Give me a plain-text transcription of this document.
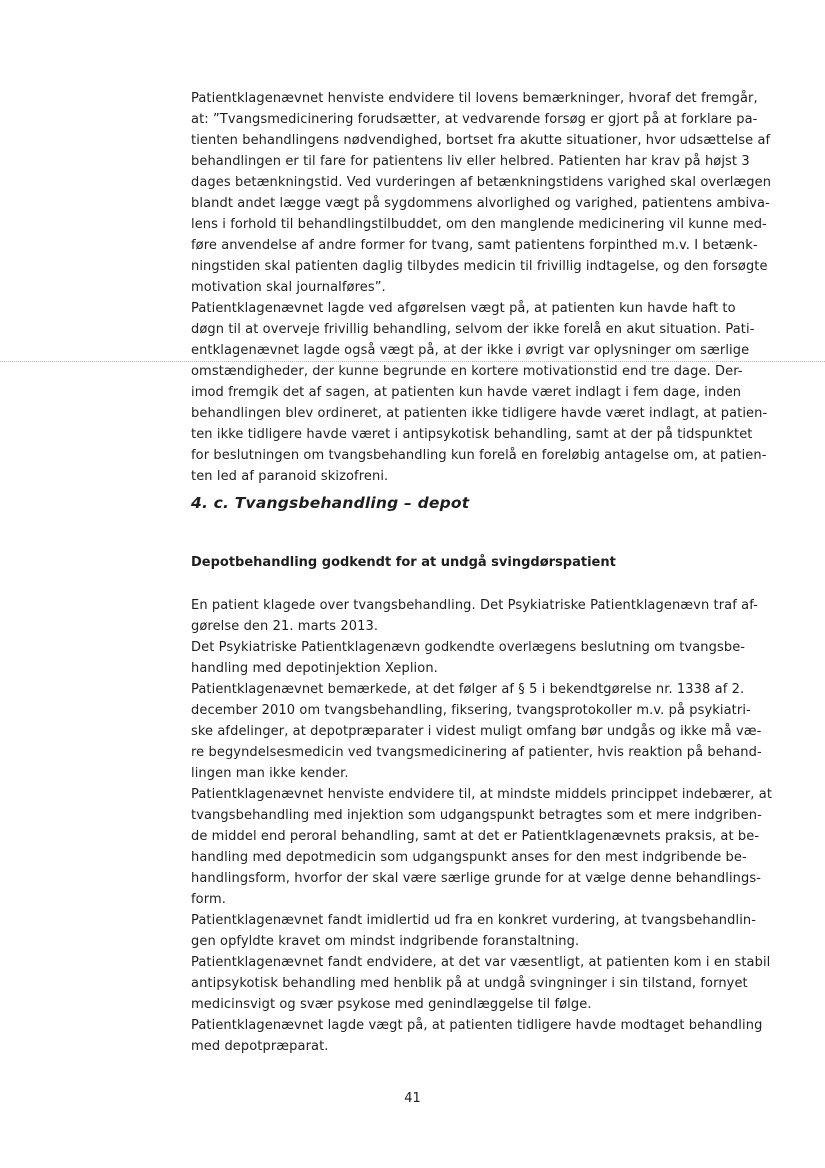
Patientklagenævnet henviste endvidere til lovens bemærkninger, hvoraf det fremgår,
at: ”Tvangsmedicinering forudsætter, at vedvarende forsøg er gjort på at forklare pa-
tienten behandlingens nødvendighed, bortset fra akutte situationer, hvor udsættelse af
behandlingen er til fare for patientens liv eller helbred. Patienten har krav på højst 3
dages betænkningstid. Ved vurderingen af betænkningstidens varighed skal overlægen
blandt andet lægge vægt på sygdommens alvorlighed og varighed, patientens ambiva-
lens i forhold til behandlingstilbuddet, om den manglende medicinering vil kunne med-
føre anvendelse af andre former for tvang, samt patientens forpinthed m.v. I betænk-
ningstiden skal patienten daglig tilbydes medicin til frivillig indtagelse, og den forsøgte
motivation skal journalføres”.
Patientklagenævnet lagde ved afgørelsen vægt på, at patienten kun havde haft to
døgn til at overveje frivillig behandling, selvom der ikke forelå en akut situation. Pati-
entklagenævnet lagde også vægt på, at der ikke i øvrigt var oplysninger om særlige
omstændigheder, der kunne begrunde en kortere motivationstid end tre dage. Der-
imod fremgik det af sagen, at patienten kun havde været indlagt i fem dage, inden
behandlingen blev ordineret, at patienten ikke tidligere havde været indlagt, at patien-
ten ikke tidligere havde været i antipsykotisk behandling, samt at der på tidspunktet
for beslutningen om tvangsbehandling kun forelå en foreløbig antagelse om, at patien-
ten led af paranoid skizofreni.
4. c. Tvangsbehandling – depot
Depotbehandling godkendt for at undgå svingdørspatient
En patient klagede over tvangsbehandling. Det Psykiatriske Patientklagenævn traf af-
gørelse den 21. marts 2013.
Det Psykiatriske Patientklagenævn godkendte overlægens beslutning om tvangsbe-
handling med depotinjektion Xeplion.
Patientklagenævnet bemærkede, at det følger af § 5 i bekendtgørelse nr. 1338 af 2.
december 2010 om tvangsbehandling, fiksering, tvangsprotokoller m.v. på psykiatri-
ske afdelinger, at depotpræparater i videst muligt omfang bør undgås og ikke må væ-
re begyndelsesmedicin ved tvangsmedicinering af patienter, hvis reaktion på behand-
lingen man ikke kender.
Patientklagenævnet henviste endvidere til, at mindste middels princippet indebærer, at
tvangsbehandling med injektion som udgangspunkt betragtes som et mere indgriben-
de middel end peroral behandling, samt at det er Patientklagenævnets praksis, at be-
handling med depotmedicin som udgangspunkt anses for den mest indgribende be-
handlingsform, hvorfor der skal være særlige grunde for at vælge denne behandlings-
form.
Patientklagenævnet fandt imidlertid ud fra en konkret vurdering, at tvangsbehandlin-
gen opfyldte kravet om mindst indgribende foranstaltning.
Patientklagenævnet fandt endvidere, at det var væsentligt, at patienten kom i en stabil
antipsykotisk behandling med henblik på at undgå svingninger i sin tilstand, fornyet
medicinsvigt og svær psykose med genindlæggelse til følge.
Patientklagenævnet lagde vægt på, at patienten tidligere havde modtaget behandling
med depotpræparat.
41
